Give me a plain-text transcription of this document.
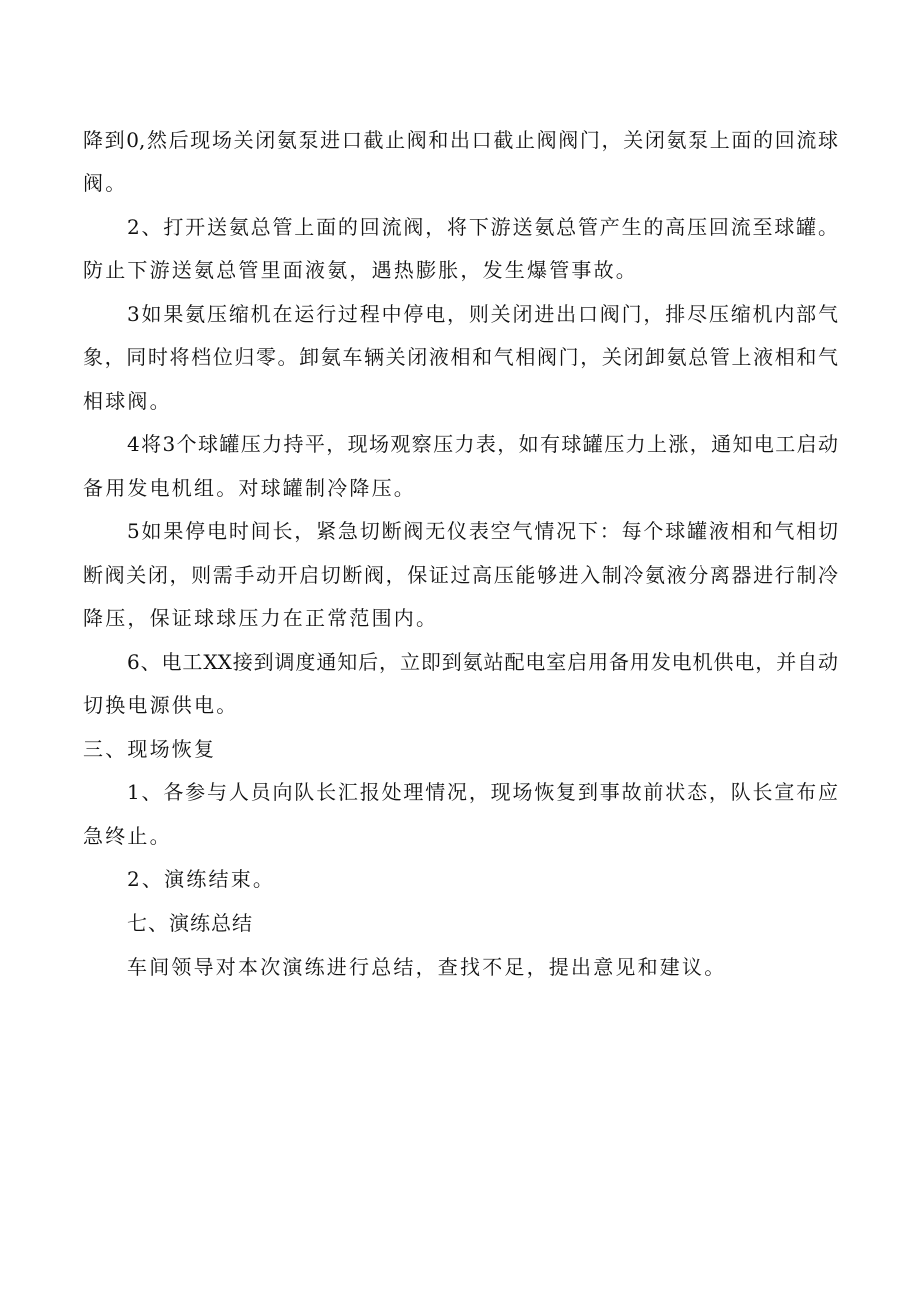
降到0,然后现场关闭氨泵进口截止阀和出口截止阀阀门，关闭氨泵上面的回流球
阀。
2、打开送氨总管上面的回流阀，将下游送氨总管产生的高压回流至球罐。
防止下游送氨总管里面液氨，遇热膨胀，发生爆管事故。
3如果氨压缩机在运行过程中停电，则关闭进出口阀门，排尽压缩机内部气
象，同时将档位归零。卸氨车辆关闭液相和气相阀门，关闭卸氨总管上液相和气
相球阀。
4将3个球罐压力持平，现场观察压力表，如有球罐压力上涨，通知电工启动
备用发电机组。对球罐制冷降压。
5如果停电时间长，紧急切断阀无仪表空气情况下：每个球罐液相和气相切
断阀关闭，则需手动开启切断阀，保证过高压能够进入制冷氨液分离器进行制冷
降压，保证球球压力在正常范围内。
6、电工XX接到调度通知后，立即到氨站配电室启用备用发电机供电，并自动
切换电源供电。
三、现场恢复
1、各参与人员向队长汇报处理情况，现场恢复到事故前状态，队长宣布应
急终止。
2、演练结束。
七、演练总结
车间领导对本次演练进行总结，查找不足，提出意见和建议。
